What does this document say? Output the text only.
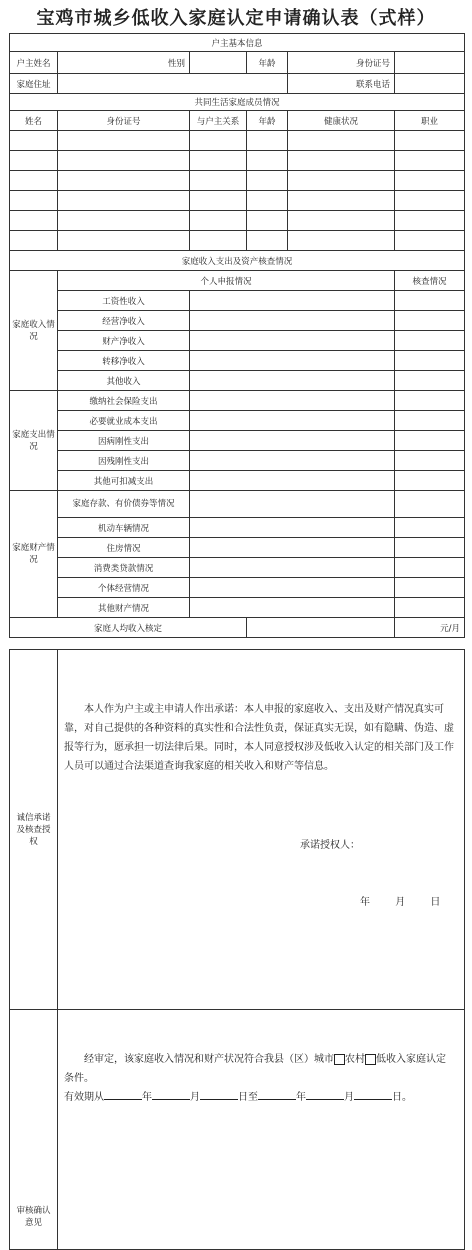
宝鸡市城乡低收入家庭认定申请确认表（式样）
户主基本信息					
户主姓名	性别		年龄	身份证号	
家庭住址				联系电话	
共同生活家庭成员情况					
姓名	身份证号	与户主关系	年龄	健康状况	职业

家庭收入支出及资产核查情况					
家庭收入情况	个人申报情况				核查情况
	工资性收入				
	经营净收入				
	财产净收入				
	转移净收入				
	其他收入				
家庭支出情况	缴纳社会保险支出				
	必要就业成本支出				
	因病刚性支出				
	因残刚性支出				
	其他可扣减支出				
家庭财产情况	家庭存款、有价债券等情况				
	机动车辆情况				
	住房情况				
	消费类贷款情况				
	个体经营情况				
	其他财产情况				
家庭人均收入核定					元/月
诚信承诺及核查授权	本人作为户主或主申请人作出承诺：本人申报的家庭收入、支出及财产情况真实可靠，对自己提供的各种资料的真实性和合法性负责，保证真实无误，如有隐瞒、伪造、虚报等行为，愿承担一切法律后果。同时，本人同意授权涉及低收入认定的相关部门及工作人员可以通过合法渠道查询我家庭的相关收入和财产等信息。
承诺授权人：
年 月 日

审核确认意见	经审定，该家庭收入情况和财产状况符合我县（区）城市 农村 低收入家庭认定条件。
有效期从 年 月 日至 年 月 日。
